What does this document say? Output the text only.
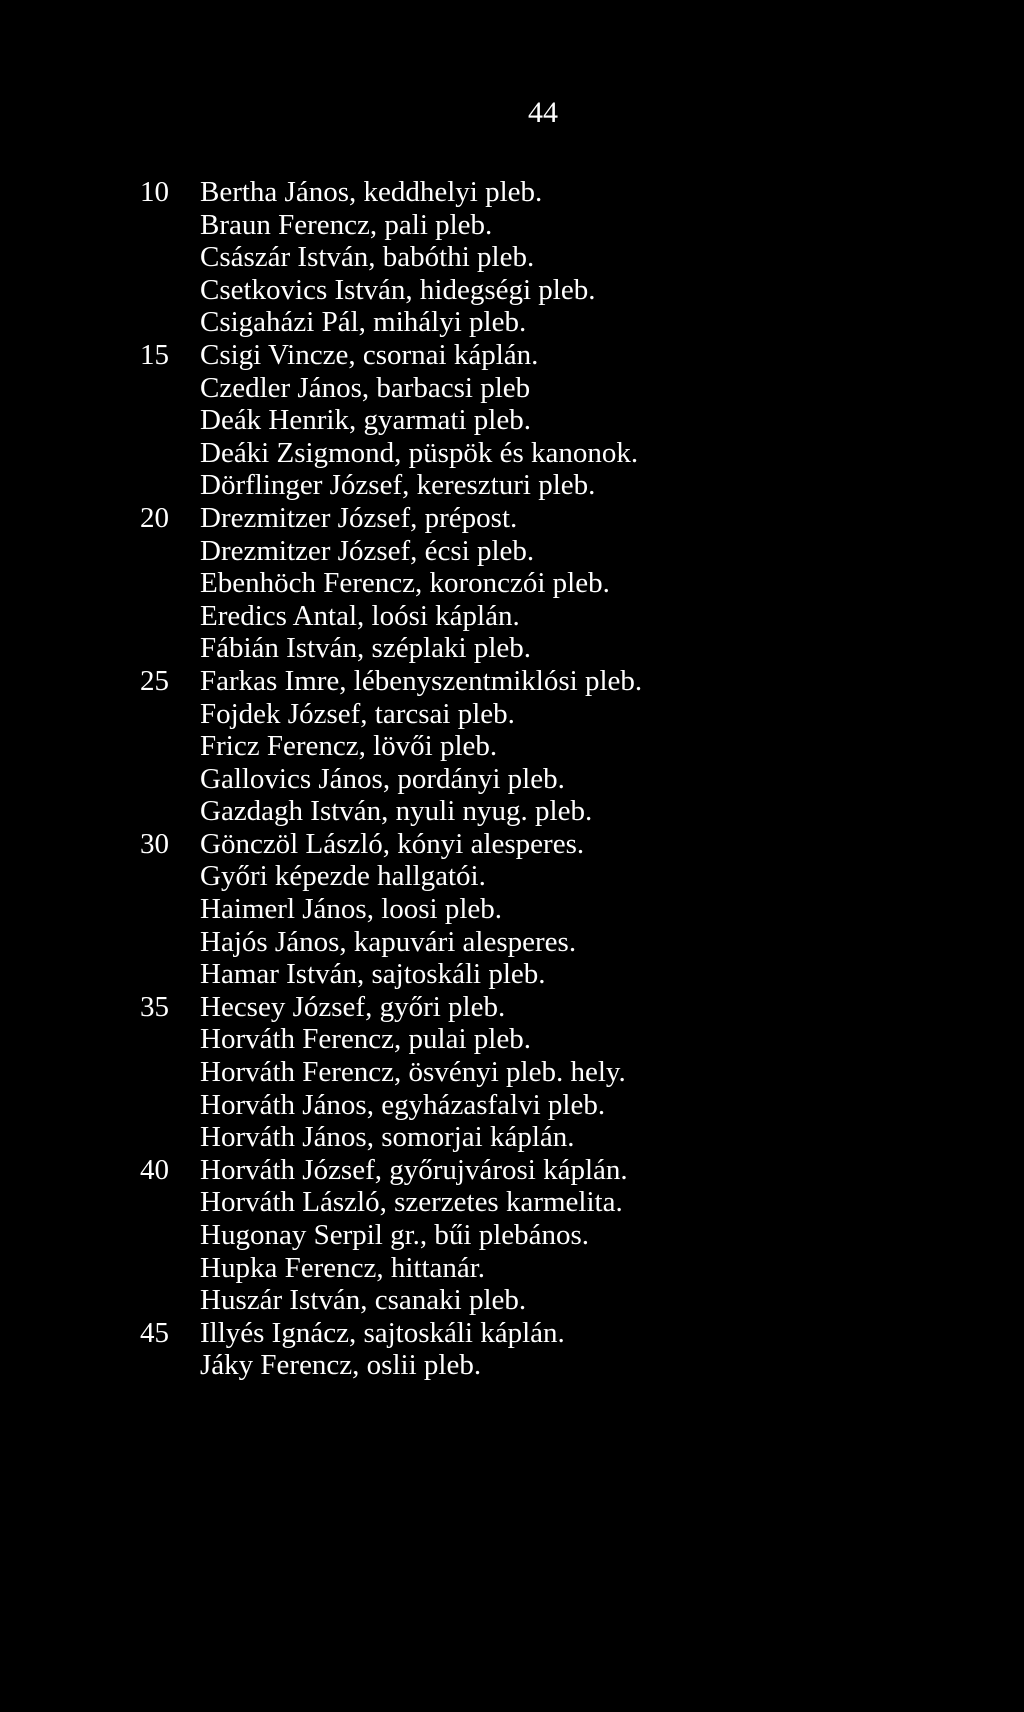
44
10	Bertha János, keddhelyi pleb.
Braun Ferencz, pali pleb.
Császár István, babóthi pleb.
Csetkovics István, hidegségi pleb.
Csigaházi Pál, mihályi pleb.
15	Csigi Vincze, csornai káplán.
Czedler János, barbacsi pleb
Deák Henrik, gyarmati pleb.
Deáki Zsigmond, püspök és kanonok.
Dörflinger József, kereszturi pleb.
20	Drezmitzer József, prépost.
Drezmitzer József, écsi pleb.
Ebenhöch Ferencz, koronczói pleb.
Eredics Antal, loósi káplán.
Fábián István, széplaki pleb.
25	Farkas Imre, lébenyszentmiklósi pleb.
Fojdek József, tarcsai pleb.
Fricz Ferencz, lövői pleb.
Gallovics János, pordányi pleb.
Gazdagh István, nyuli nyug. pleb.
30	Gönczöl László, kónyi alesperes.
Győri képezde hallgatói.
Haimerl János, loosi pleb.
Hajós János, kapuvári alesperes.
Hamar István, sajtoskáli pleb.
35	Hecsey József, győri pleb.
Horváth Ferencz, pulai pleb.
Horváth Ferencz, ösvényi pleb. hely.
Horváth János, egyházasfalvi pleb.
Horváth János, somorjai káplán.
40	Horváth József, győrujvárosi káplán.
Horváth László, szerzetes karmelita.
Hugonay Serpil gr., bűi plebános.
Hupka Ferencz, hittanár.
Huszár István, csanaki pleb.
45	Illyés Ignácz, sajtoskáli káplán.
Jáky Ferencz, oslii pleb.
